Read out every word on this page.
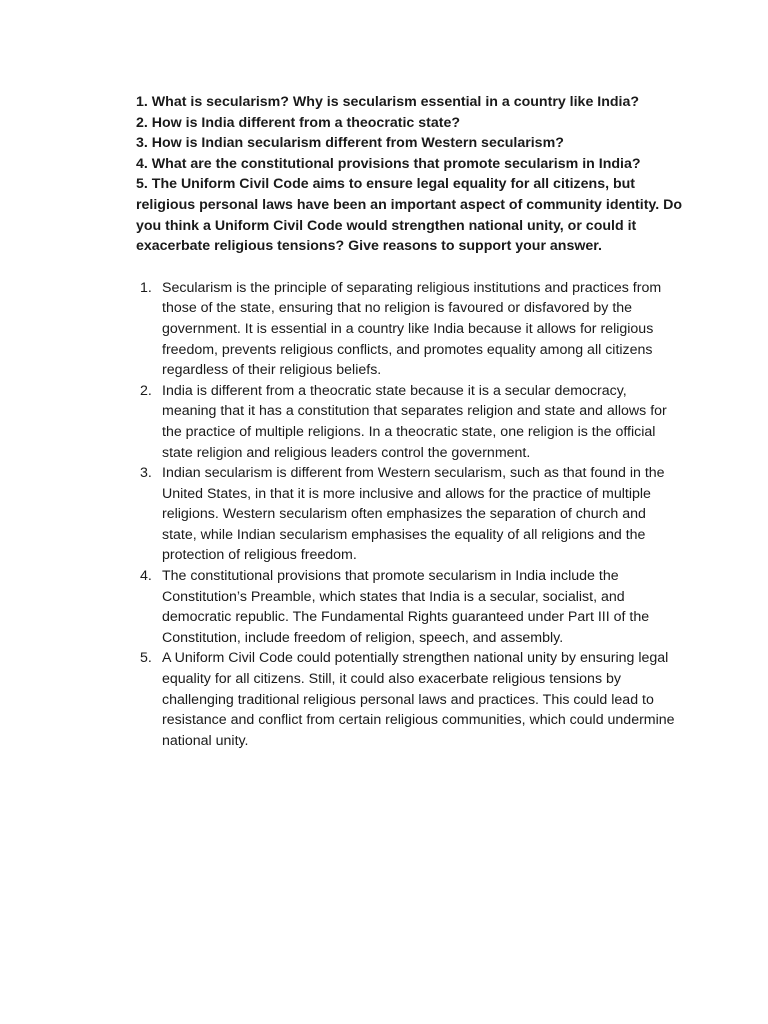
1. What is secularism? Why is secularism essential in a country like India?

2. How is India different from a theocratic state?

3. How is Indian secularism different from Western secularism?

4. What are the constitutional provisions that promote secularism in India?

5. The Uniform Civil Code aims to ensure legal equality for all citizens, but religious personal laws have been an important aspect of community identity. Do you think a Uniform Civil Code would strengthen national unity, or could it exacerbate religious tensions? Give reasons to support your answer.

1. Secularism is the principle of separating religious institutions and practices from those of the state, ensuring that no religion is favoured or disfavored by the government. It is essential in a country like India because it allows for religious freedom, prevents religious conflicts, and promotes equality among all citizens regardless of their religious beliefs.
2. India is different from a theocratic state because it is a secular democracy, meaning that it has a constitution that separates religion and state and allows for the practice of multiple religions. In a theocratic state, one religion is the official state religion and religious leaders control the government.
3. Indian secularism is different from Western secularism, such as that found in the United States, in that it is more inclusive and allows for the practice of multiple religions. Western secularism often emphasizes the separation of church and state, while Indian secularism emphasises the equality of all religions and the protection of religious freedom.
4. The constitutional provisions that promote secularism in India include the Constitution’s Preamble, which states that India is a secular, socialist, and democratic republic. The Fundamental Rights guaranteed under Part III of the Constitution, include freedom of religion, speech, and assembly.
5. A Uniform Civil Code could potentially strengthen national unity by ensuring legal equality for all citizens. Still, it could also exacerbate religious tensions by challenging traditional religious personal laws and practices. This could lead to resistance and conflict from certain religious communities, which could undermine national unity.
